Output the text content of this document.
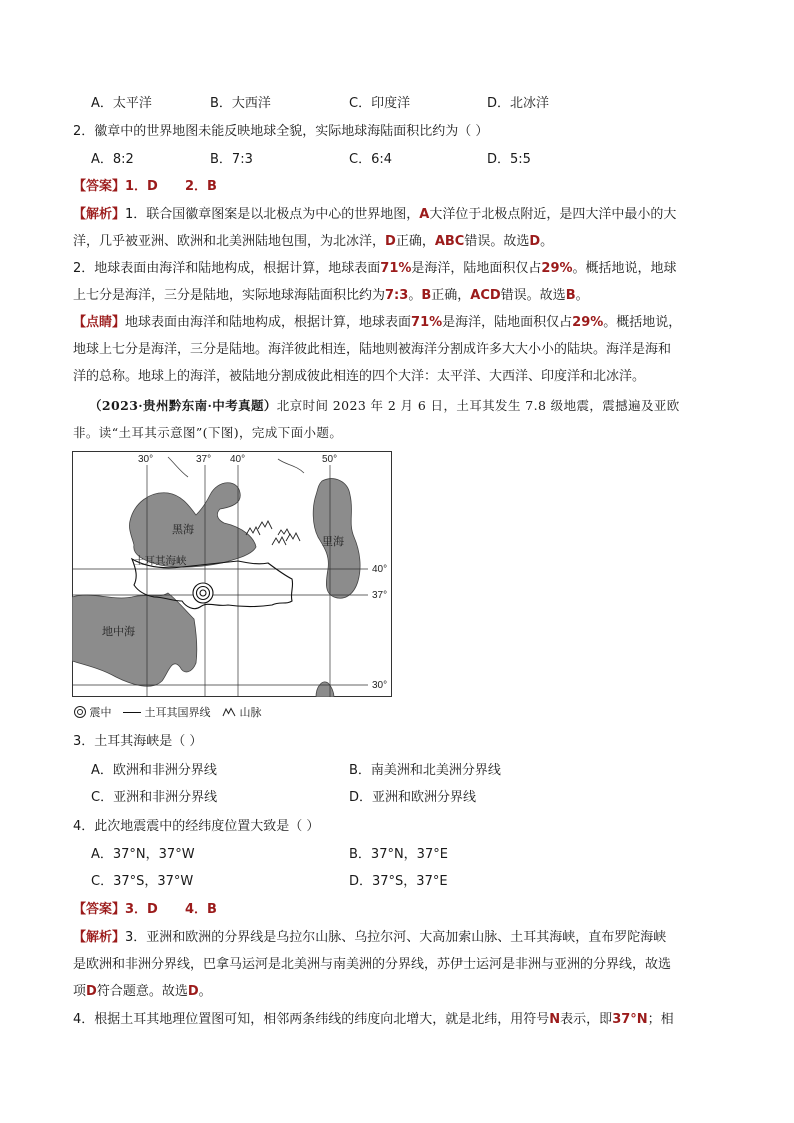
A．太平洋	B．大西洋	C．印度洋	D．北冰洋
2．徽章中的世界地图未能反映地球全貌，实际地球海陆面积比约为（ ）
A．8:2	B．7:3	C．6:4	D．5:5
【答案】1．D      2．B
【解析】1．联合国徽章图案是以北极点为中心的世界地图，A大洋位于北极点附近，是四大洋中最小的大
洋，几乎被亚洲、欧洲和北美洲陆地包围，为北冰洋，D正确，ABC错误。故选D。
2．地球表面由海洋和陆地构成，根据计算，地球表面71%是海洋，陆地面积仅占29%。概括地说，地球
上七分是海洋，三分是陆地，实际地球海陆面积比约为7:3。B正确，ACD错误。故选B。
【点睛】地球表面由海洋和陆地构成，根据计算，地球表面71%是海洋，陆地面积仅占29%。概括地说，
地球上七分是海洋，三分是陆地。海洋彼此相连，陆地则被海洋分割成许多大大小小的陆块。海洋是海和
洋的总称。地球上的海洋，被陆地分割成彼此相连的四个大洋：太平洋、大西洋、印度洋和北冰洋。
（2023·贵州黔东南·中考真题）北京时间 2023 年 2 月 6 日，土耳其发生 7.8 级地震，震撼遍及亚欧
非。读“土耳其示意图”(下图)，完成下面小题。
30°	37° 40°	50°
40°
37°
30°
黑海
里海
地中海
土耳其海峡
震中	土耳其国界线	山脉
3．土耳其海峡是（ ）
A．欧洲和非洲分界线	B．南美洲和北美洲分界线
C．亚洲和非洲分界线	D．亚洲和欧洲分界线
4．此次地震震中的经纬度位置大致是（ ）
A．37°N，37°W	B．37°N，37°E
C．37°S，37°W	D．37°S，37°E
【答案】3．D      4．B
【解析】3．亚洲和欧洲的分界线是乌拉尔山脉、乌拉尔河、大高加索山脉、土耳其海峡，直布罗陀海峡
是欧洲和非洲分界线，巴拿马运河是北美洲与南美洲的分界线，苏伊士运河是非洲与亚洲的分界线，故选
项D符合题意。故选D。
4．根据土耳其地理位置图可知，相邻两条纬线的纬度向北增大，就是北纬，用符号N表示，即37°N；相
